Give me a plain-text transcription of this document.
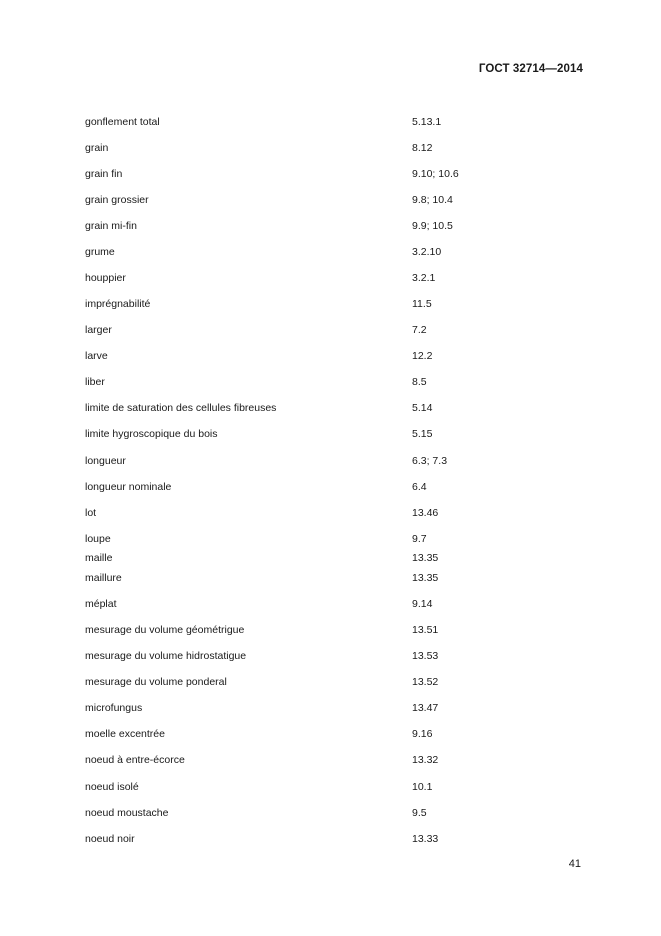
ГОСТ 32714—2014
gonflement total	5.13.1
grain	8.12
grain fin	9.10; 10.6
grain grossier	9.8; 10.4
grain mi-fin	9.9; 10.5
grume	3.2.10
houppier	3.2.1
imprégnabilité	11.5
larger	7.2
larve	12.2
liber	8.5
limite de saturation des cellules fibreuses	5.14
limite hygroscopique du bois	5.15
longueur	6.3; 7.3
longueur nominale	6.4
lot	13.46
loupe	9.7
maille	13.35
maillure	13.35
méplat	9.14
mesurage du volume géométrigue	13.51
mesurage du volume hidrostatigue	13.53
mesurage du volume ponderal	13.52
microfungus	13.47
moelle excentrée	9.16
noeud à entre-écorce	13.32
noeud isolé	10.1
noeud moustache	9.5
noeud noir	13.33
41
